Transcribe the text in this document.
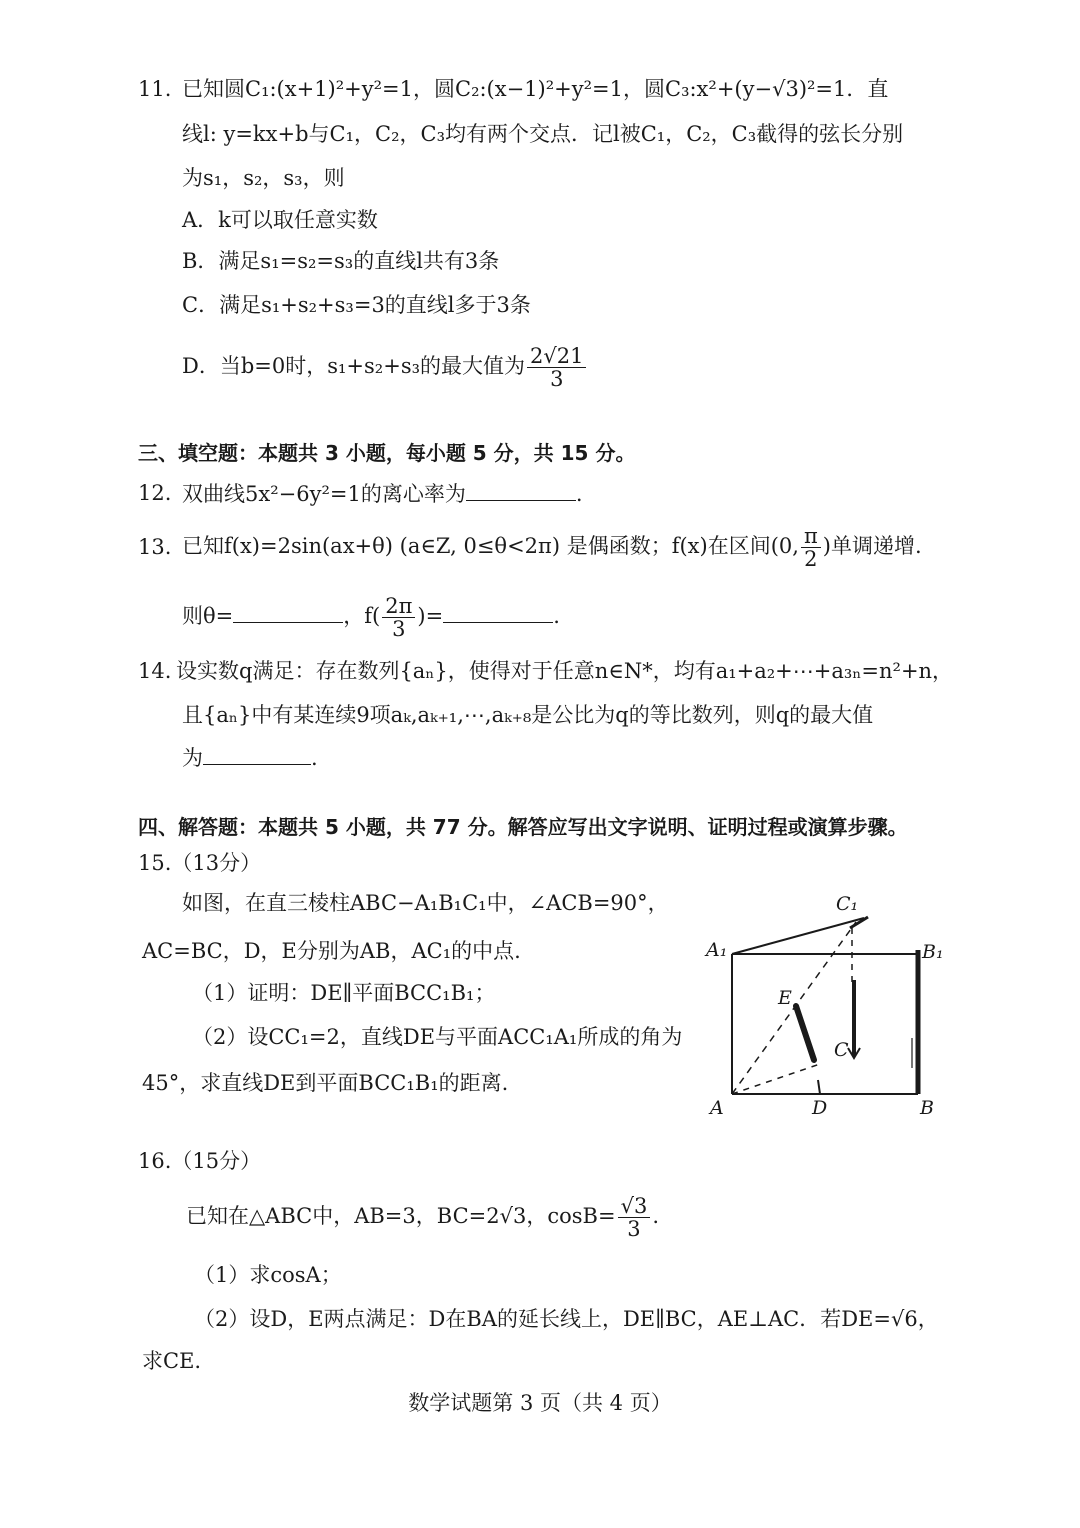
11. 已知圆C₁:(x+1)²+y²=1，圆C₂:(x−1)²+y²=1，圆C₃:x²+(y−√3)²=1．直
线l: y=kx+b与C₁，C₂，C₃均有两个交点．记l被C₁，C₂，C₃截得的弦长分别
为s₁，s₂，s₃，则
A．k可以取任意实数
B．满足s₁=s₂=s₃的直线l共有3条
C．满足s₁+s₂+s₃=3的直线l多于3条
D．当b=0时，s₁+s₂+s₃的最大值为 $\frac{2√21}{3}$
三、填空题：本题共 3 小题，每小题 5 分，共 15 分。
12. 双曲线5x²−6y²=1的离心率为	.
13. 已知f(x)=2sin(ax+θ) (a∈Z, 0≤θ<2π) 是偶函数；f(x)在区间(0, $\frac{\pi}{2}$ )单调递增.
则θ=	，$f( \frac{2\pi}{3}$ )=	.
14. 设实数q满足：存在数列{aₙ}，使得对于任意n∈N*，均有a₁+a₂+⋯+a₃ₙ=n²+n，
且{aₙ}中有某连续9项aₖ,aₖ₊₁,⋯,aₖ₊₈是公比为q的等比数列，则q的最大值
为	.
四、解答题：本题共 5 小题，共 77 分。解答应写出文字说明、证明过程或演算步骤。
15.（13分）
如图，在直三棱柱ABC−A₁B₁C₁中，∠ACB=90°，
AC=BC，D，E分别为AB，AC₁的中点.
（1）证明：DE∥平面BCC₁B₁；
（2）设CC₁=2，直线DE与平面ACC₁A₁所成的角为
45°，求直线DE到平面BCC₁B₁的距离.
C₁
A₁	B₁
E
C
A	D	B
16.（15分）
已知在△ABC中，AB=3，BC=2√3，$\cos B= \frac{√3}{3}$ .
（1）求cosA；
（2）设D，E两点满足：D在BA的延长线上，DE∥BC，AE⊥AC．若DE=√6，
求CE.
数学试题第 3 页（共 4 页）
